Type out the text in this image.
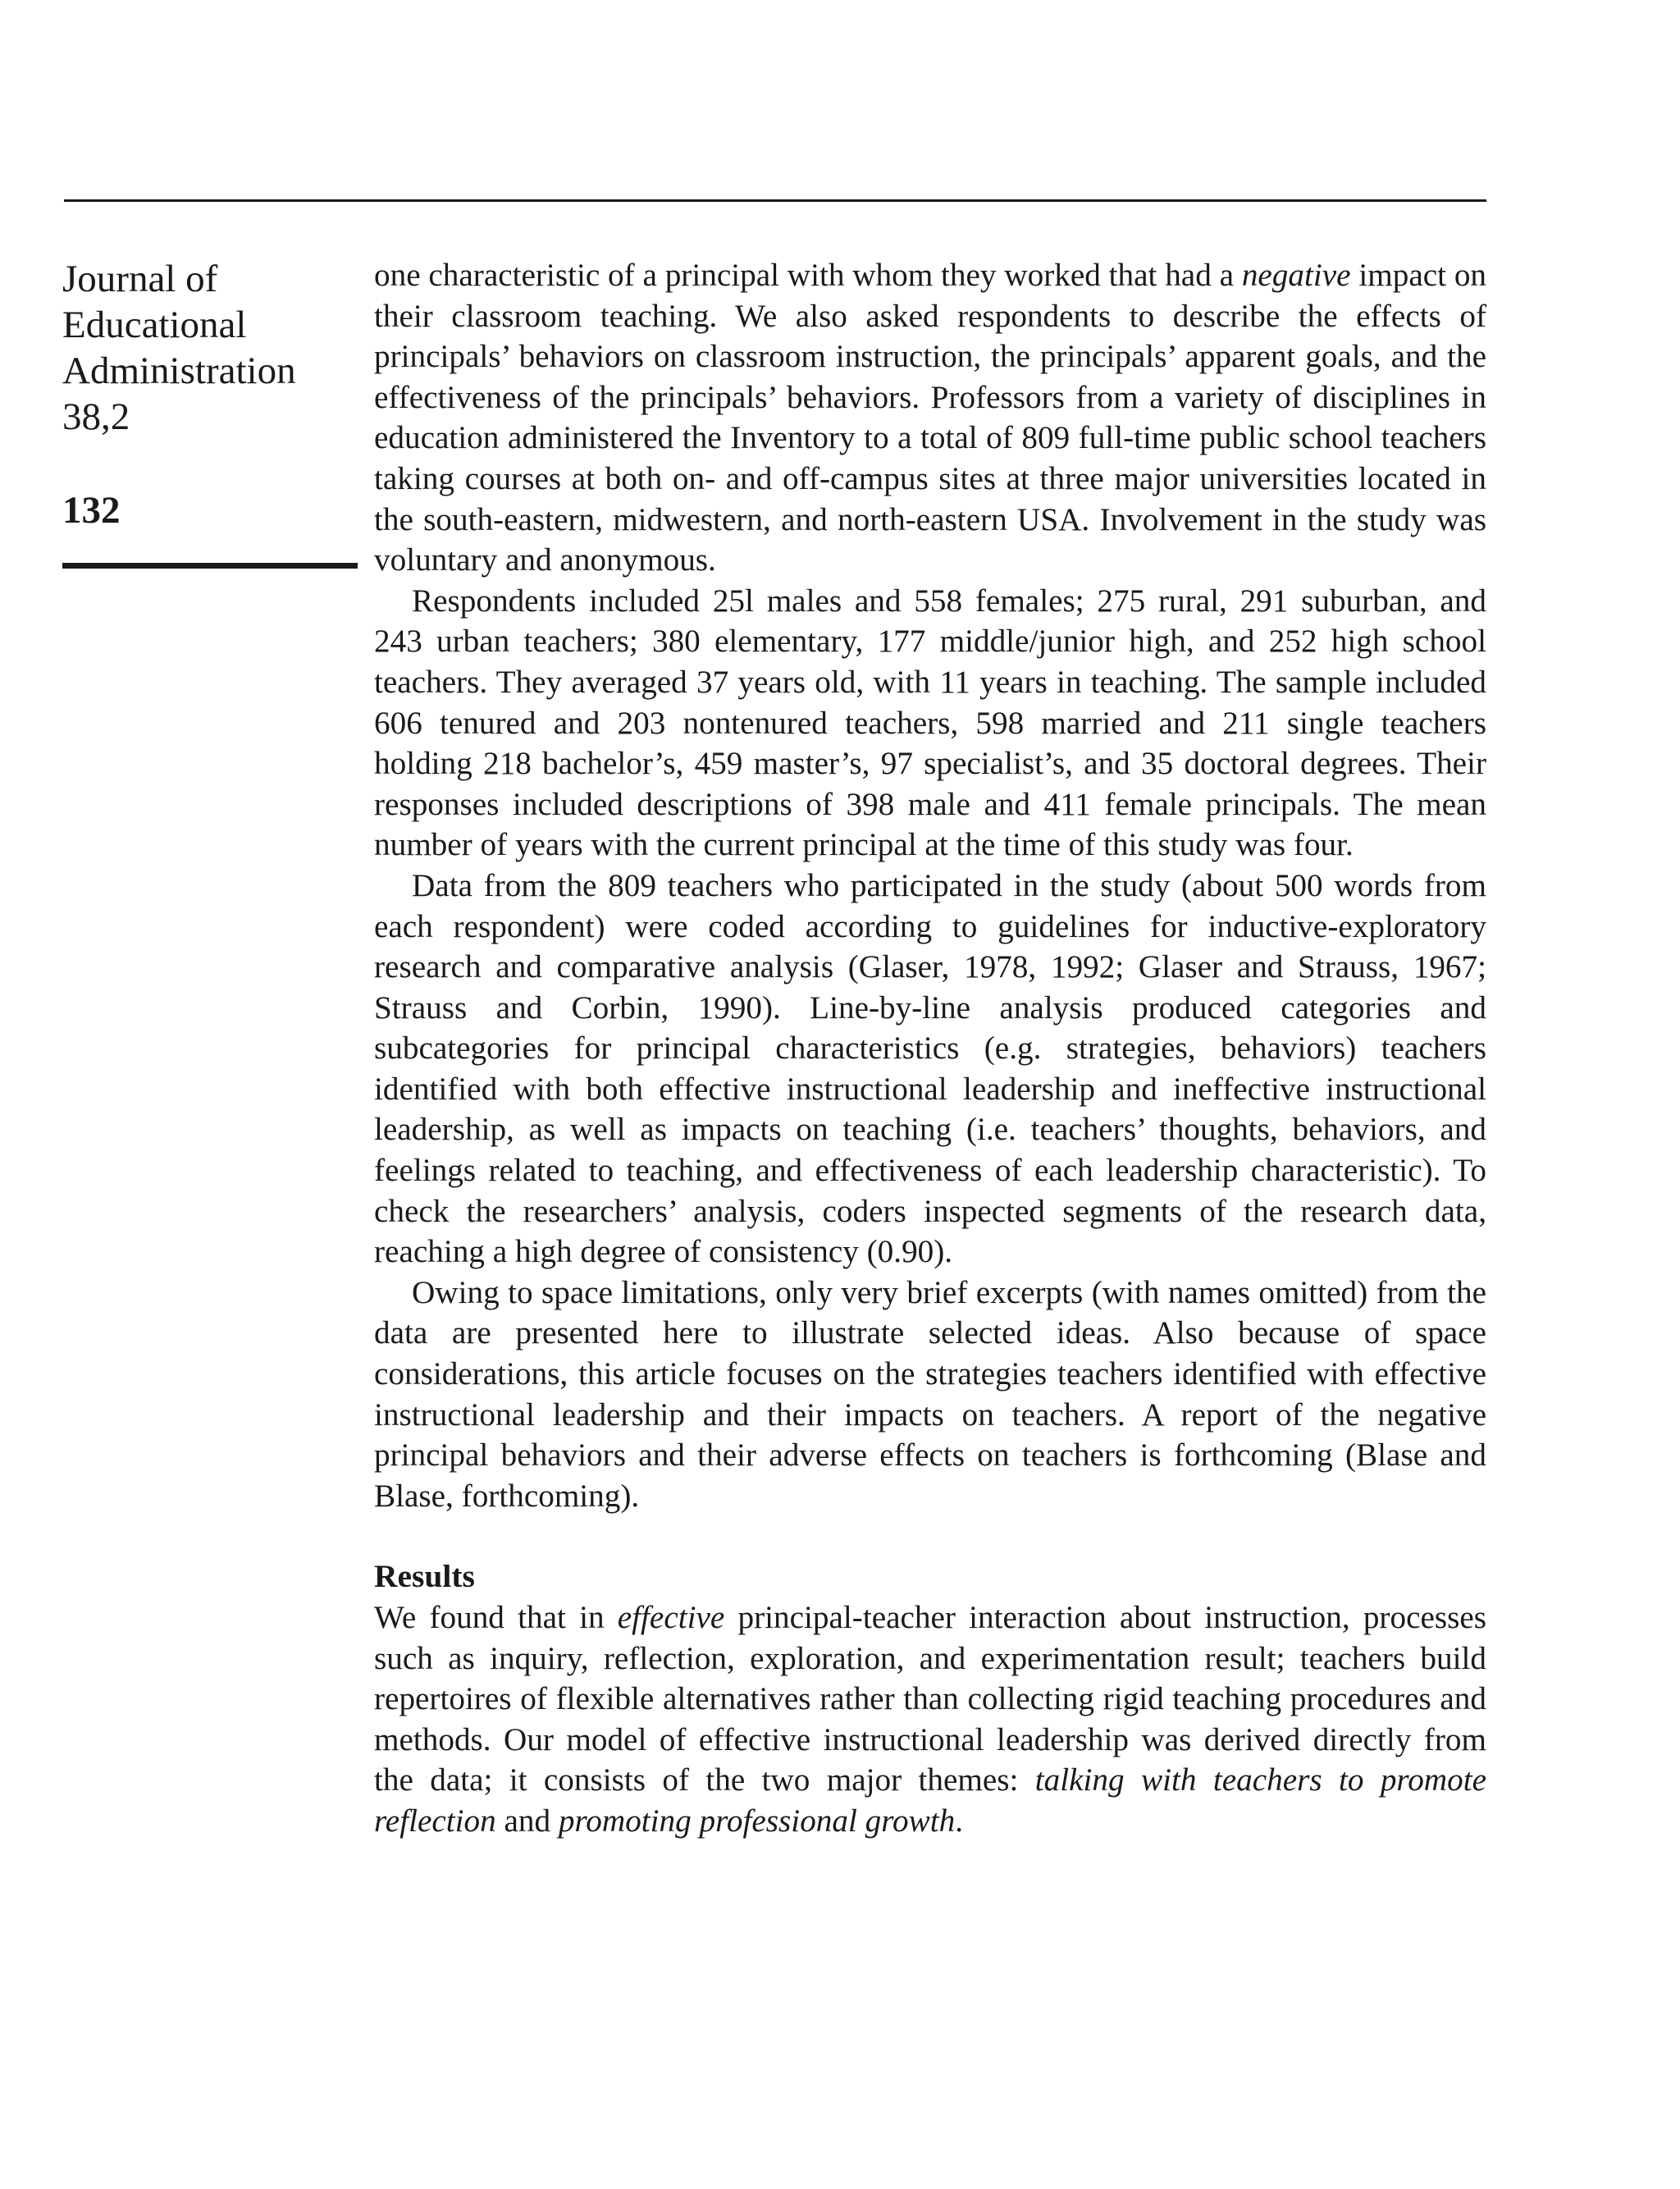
Journal of
Educational
Administration
38,2
132

one characteristic of a principal with whom they worked that had a negative impact on their classroom teaching. We also asked respondents to describe the effects of principals’ behaviors on classroom instruction, the principals’ apparent goals, and the effectiveness of the principals’ behaviors. Professors from a variety of disciplines in education administered the Inventory to a total of 809 full-time public school teachers taking courses at both on- and off-campus sites at three major universities located in the south-eastern, midwestern, and north-eastern USA. Involvement in the study was voluntary and anonymous.

Respondents included 25l males and 558 females; 275 rural, 291 suburban, and 243 urban teachers; 380 elementary, 177 middle/junior high, and 252 high school teachers. They averaged 37 years old, with 11 years in teaching. The sample included 606 tenured and 203 nontenured teachers, 598 married and 211 single teachers holding 218 bachelor’s, 459 master’s, 97 specialist’s, and 35 doctoral degrees. Their responses included descriptions of 398 male and 411 female principals. The mean number of years with the current principal at the time of this study was four.

Data from the 809 teachers who participated in the study (about 500 words from each respondent) were coded according to guidelines for inductive-exploratory research and comparative analysis (Glaser, 1978, 1992; Glaser and Strauss, 1967; Strauss and Corbin, 1990). Line-by-line analysis produced categories and subcategories for principal characteristics (e.g. strategies, behaviors) teachers identified with both effective instructional leadership and ineffective instructional leadership, as well as impacts on teaching (i.e. teachers’ thoughts, behaviors, and feelings related to teaching, and effectiveness of each leadership characteristic). To check the researchers’ analysis, coders inspected segments of the research data, reaching a high degree of consistency (0.90).

Owing to space limitations, only very brief excerpts (with names omitted) from the data are presented here to illustrate selected ideas. Also because of space considerations, this article focuses on the strategies teachers identified with effective instructional leadership and their impacts on teachers. A report of the negative principal behaviors and their adverse effects on teachers is forthcoming (Blase and Blase, forthcoming).

Results

We found that in effective principal-teacher interaction about instruction, processes such as inquiry, reflection, exploration, and experimentation result; teachers build repertoires of flexible alternatives rather than collecting rigid teaching procedures and methods. Our model of effective instructional leadership was derived directly from the data; it consists of the two major themes: talking with teachers to promote reflection and promoting professional growth.
